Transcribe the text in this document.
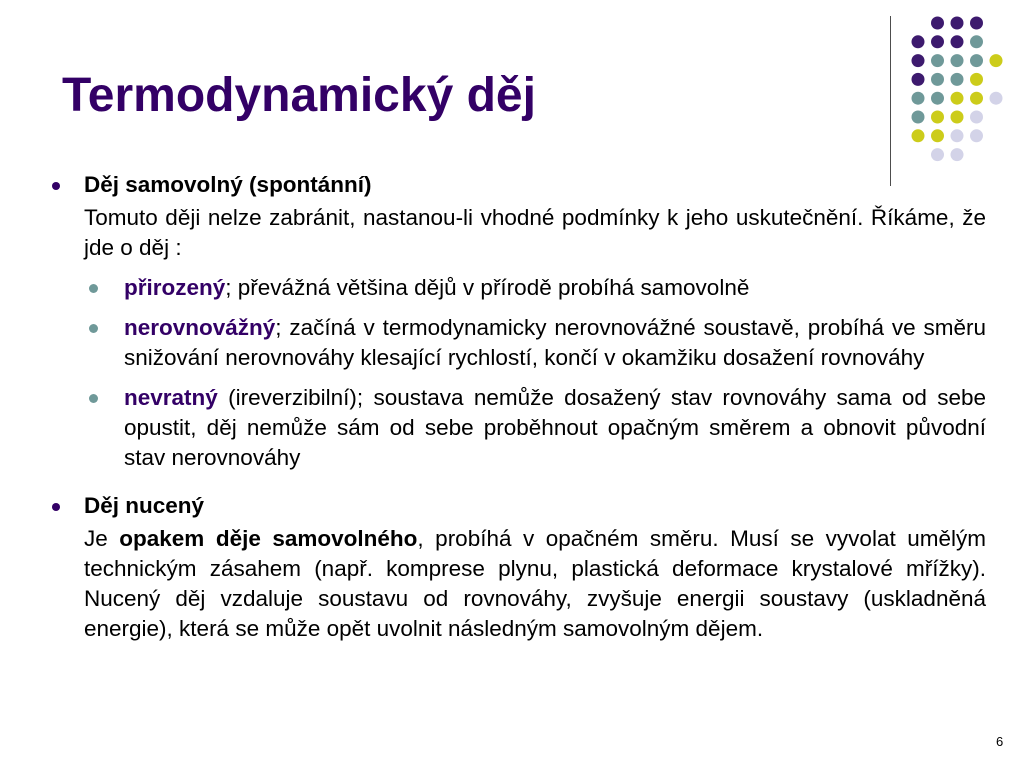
Termodynamický děj
Děj samovolný (spontánní)
Tomuto ději nelze zabránit, nastanou-li vhodné podmínky k jeho uskutečnění. Říkáme, že jde o děj :
přirozený; převážná většina dějů v přírodě probíhá samovolně
nerovnovážný; začíná v termodynamicky nerovnovážné soustavě, probíhá ve směru snižování nerovnováhy klesající rychlostí, končí v okamžiku dosažení rovnováhy
nevratný (ireverzibilní); soustava nemůže dosažený stav rovnováhy sama od sebe opustit, děj nemůže sám od sebe proběhnout opačným směrem a obnovit původní stav nerovnováhy
Děj nucený
Je opakem děje samovolného, probíhá v opačném směru. Musí se vyvolat umělým technickým zásahem (např. komprese plynu, plastická deformace krystalové mřížky). Nucený děj vzdaluje soustavu od rovnováhy, zvyšuje energii soustavy (uskladněná energie), která se může opět uvolnit následným samovolným dějem.
6
